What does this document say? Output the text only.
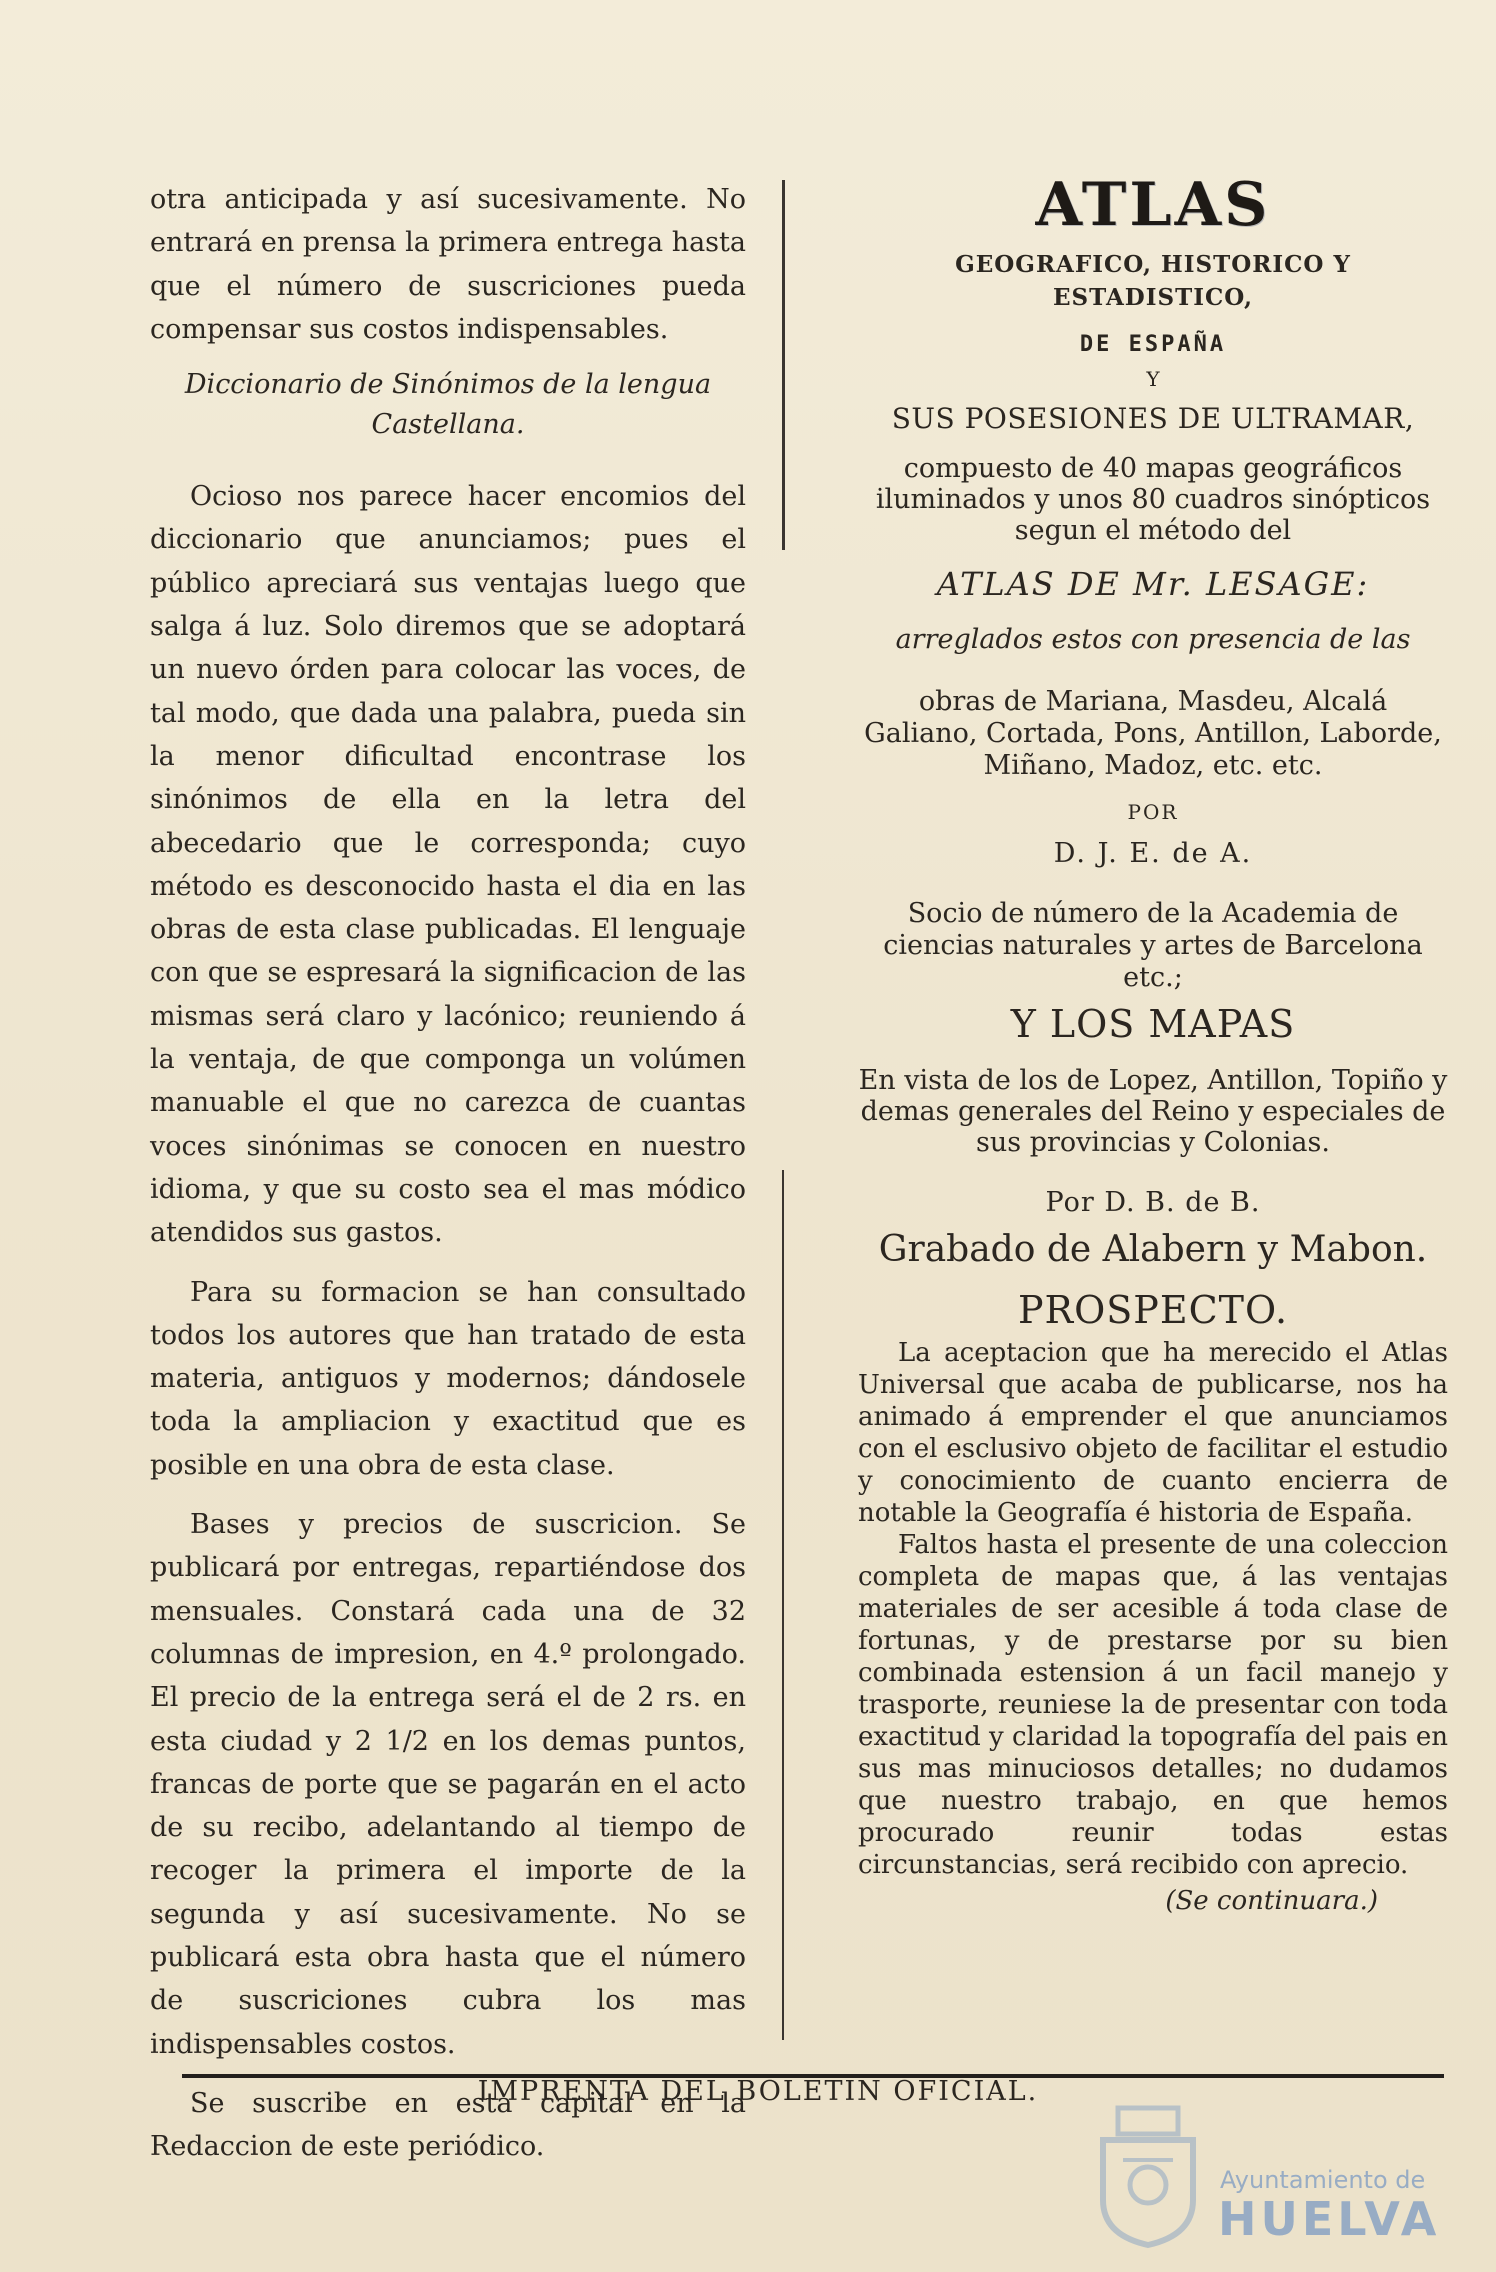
otra anticipada y así sucesivamente. No entrará en prensa la primera entrega hasta que el número de suscriciones pueda compensar sus costos indispensables.

Diccionario de Sinónimos de la lengua Castellana.

Ocioso nos parece hacer encomios del diccionario que anunciamos; pues el público apreciará sus ventajas luego que salga á luz. Solo diremos que se adoptará un nuevo órden para colocar las voces, de tal modo, que dada una palabra, pueda sin la menor dificultad encontrase los sinónimos de ella en la letra del abecedario que le corresponda; cuyo método es desconocido hasta el dia en las obras de esta clase publicadas. El lenguaje con que se espresará la significacion de las mismas será claro y lacónico; reuniendo á la ventaja, de que componga un volúmen manuable el que no carezca de cuantas voces sinónimas se conocen en nuestro idioma, y que su costo sea el mas módico atendidos sus gastos.

Para su formacion se han consultado todos los autores que han tratado de esta materia, antiguos y modernos; dándosele toda la ampliacion y exactitud que es posible en una obra de esta clase.

Bases y precios de suscricion. Se publicará por entregas, repartiéndose dos mensuales. Constará cada una de 32 columnas de impresion, en 4.º prolongado. El precio de la entrega será el de 2 rs. en esta ciudad y 2 1/2 en los demas puntos, francas de porte que se pagarán en el acto de su recibo, adelantando al tiempo de recoger la primera el importe de la segunda y así sucesivamente. No se publicará esta obra hasta que el número de suscriciones cubra los mas indispensables costos.

Se suscribe en esta capital en la Redaccion de este periódico.

ATLAS
GEOGRAFICO, HISTORICO Y ESTADISTICO,
DE ESPAÑA
Y
SUS POSESIONES DE ULTRAMAR,
compuesto de 40 mapas geográficos iluminados y unos 80 cuadros sinópticos segun el método del
ATLAS DE Mr. LESAGE:
arreglados estos con presencia de las
obras de Mariana, Masdeu, Alcalá Galiano, Cortada, Pons, Antillon, Laborde, Miñano, Madoz, etc. etc.
POR
D. J. E. de A.
Socio de número de la Academia de ciencias naturales y artes de Barcelona etc.;
Y LOS MAPAS
En vista de los de Lopez, Antillon, Topiño y demas generales del Reino y especiales de sus provincias y Colonias.
Por D. B. de B.
Grabado de Alabern y Mabon.
PROSPECTO.

La aceptacion que ha merecido el Atlas Universal que acaba de publicarse, nos ha animado á emprender el que anunciamos con el esclusivo objeto de facilitar el estudio y conocimiento de cuanto encierra de notable la Geografía é historia de España.

Faltos hasta el presente de una coleccion completa de mapas que, á las ventajas materiales de ser acesible á toda clase de fortunas, y de prestarse por su bien combinada estension á un facil manejo y trasporte, reuniese la de presentar con toda exactitud y claridad la topografía del pais en sus mas minuciosos detalles; no dudamos que nuestro trabajo, en que hemos procurado reunir todas estas circunstancias, será recibido con aprecio.

(Se continuara.)
IMPRENTA DEL BOLETIN OFICIAL.
Ayuntamiento de
HUELVA
